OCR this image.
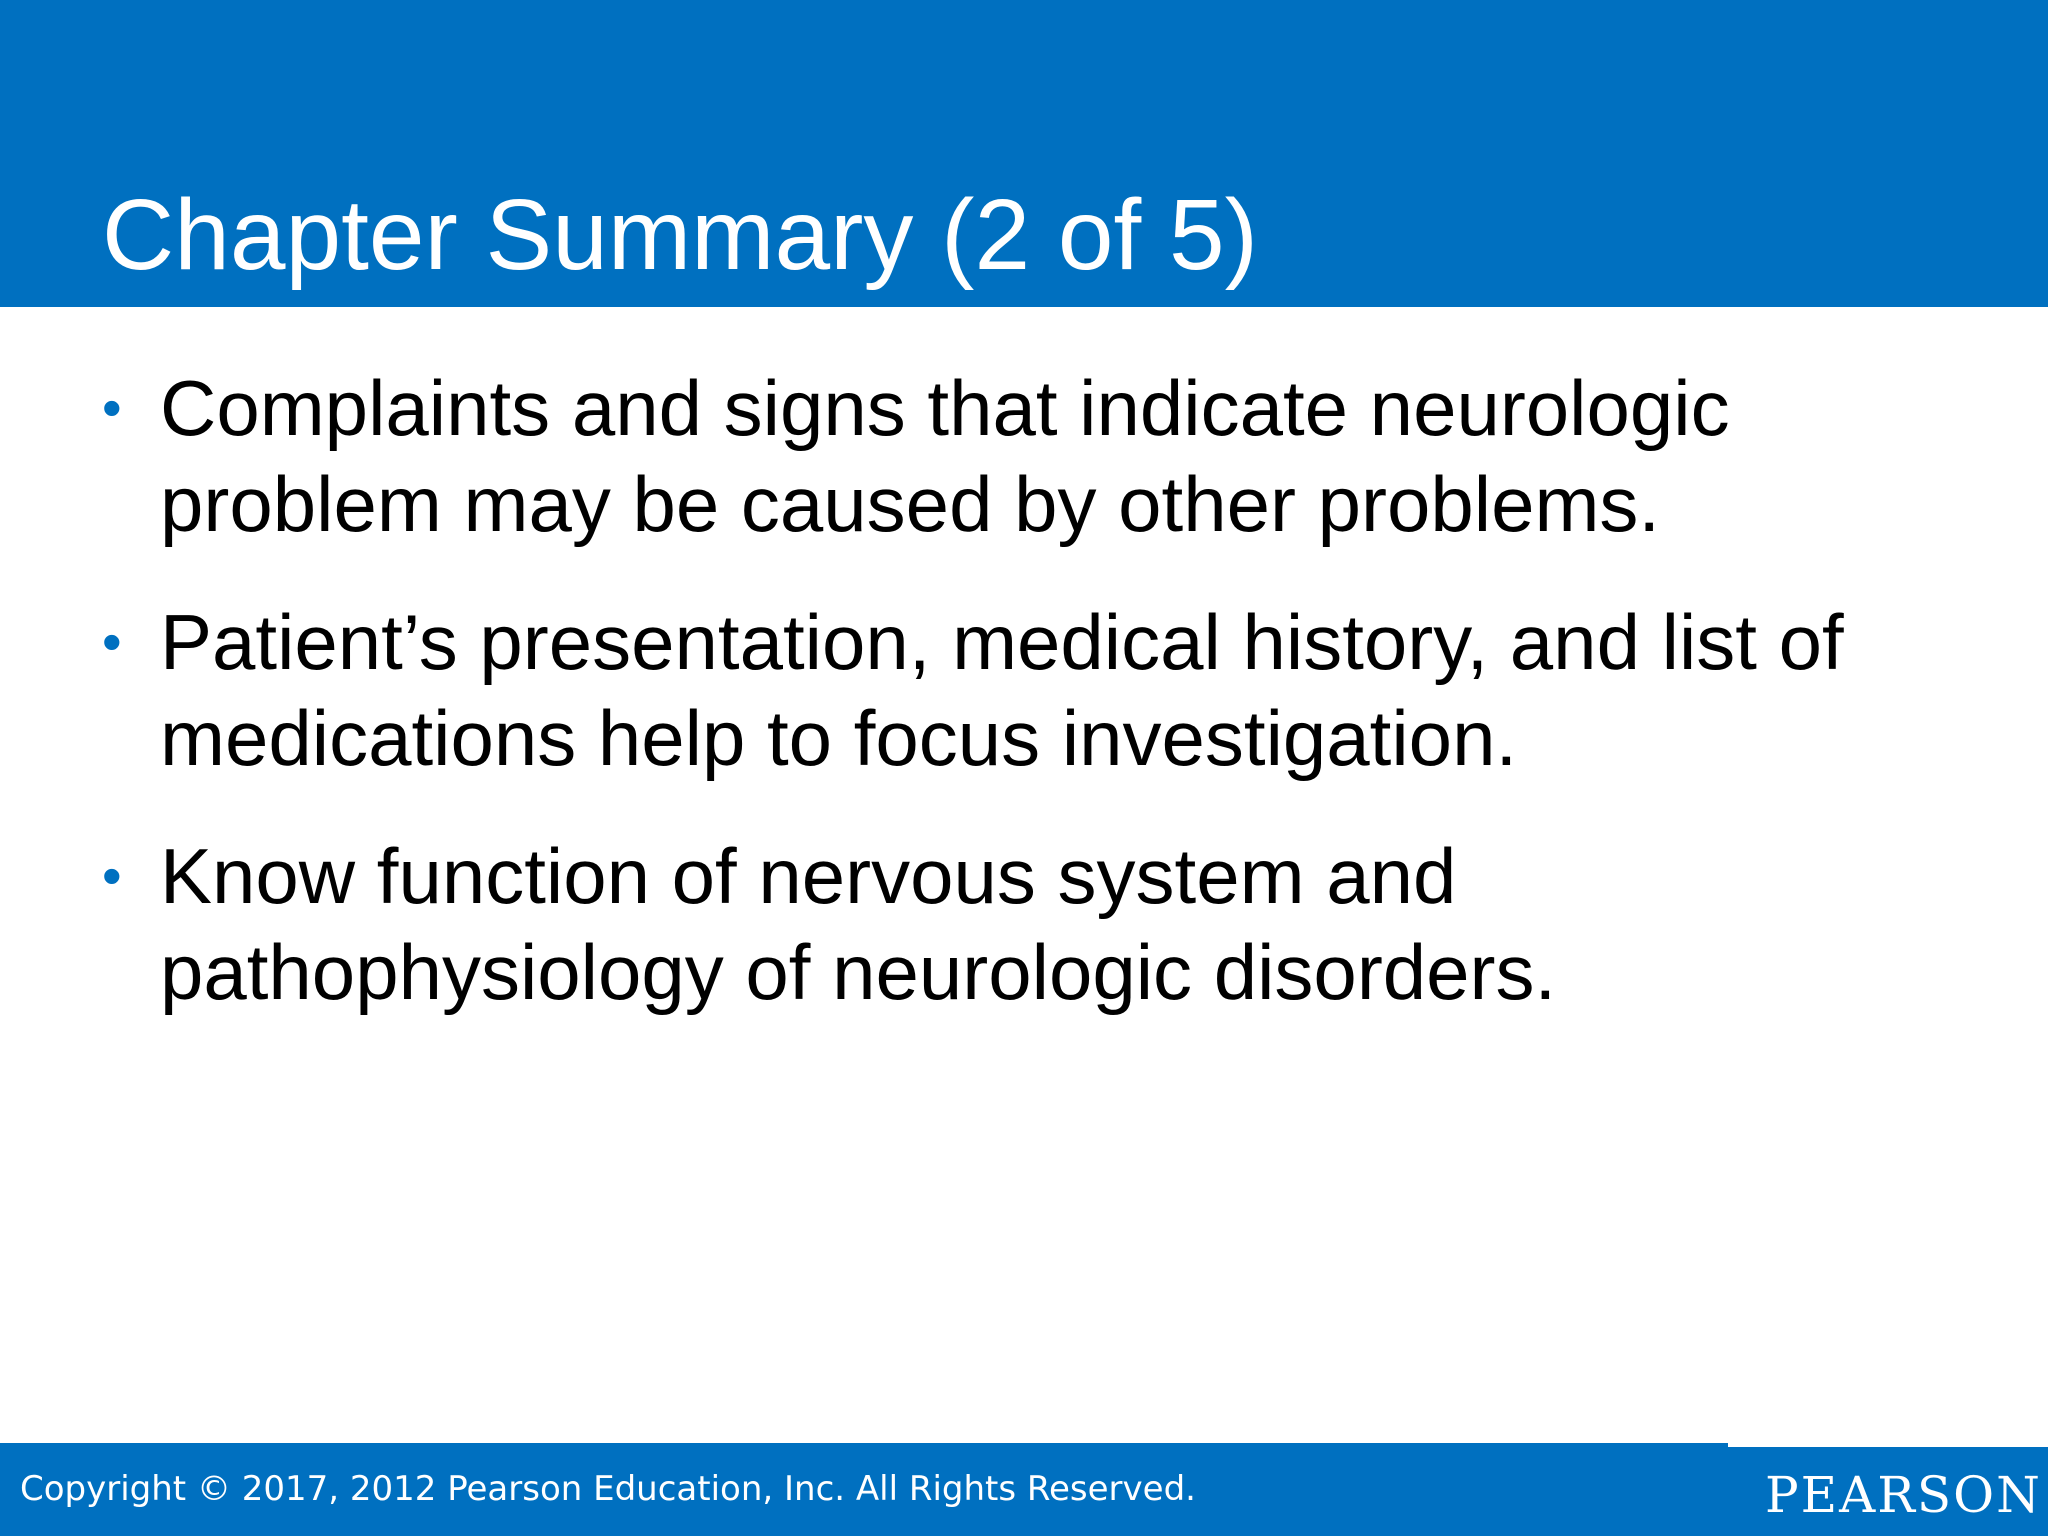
Chapter Summary (2 of 5)
• Complaints and signs that indicate neurologic
problem may be caused by other problems.
• Patient’s presentation, medical history, and list of
medications help to focus investigation.
• Know function of nervous system and
pathophysiology of neurologic disorders.
Copyright © 2017, 2012 Pearson Education, Inc. All Rights Reserved.	PEARSON
